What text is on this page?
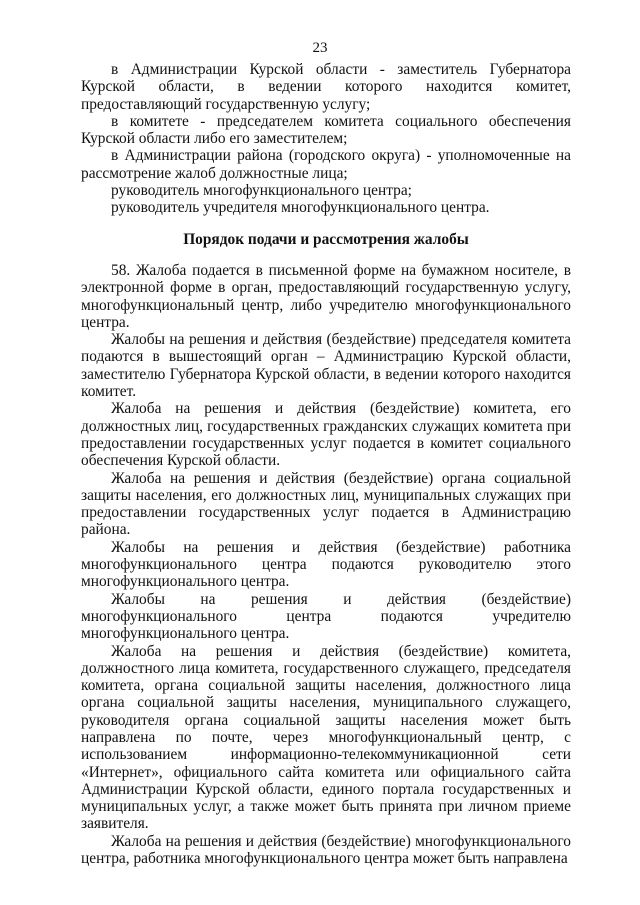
23

в Администрации Курской области - заместитель Губернатора Курской области, в ведении которого находится комитет, предоставляющий государственную услугу;

в комитете - председателем комитета социального обеспечения Курской области либо его заместителем;

в Администрации района (городского округа) - уполномоченные на рассмотрение жалоб должностные лица;

руководитель многофункционального центра;

руководитель учредителя многофункционального центра.

Порядок подачи и рассмотрения жалобы

58. Жалоба подается в письменной форме на бумажном носителе, в электронной форме в орган, предоставляющий государственную услугу, многофункциональный центр, либо учредителю многофункционального центра.

Жалобы на решения и действия (бездействие) председателя комитета подаются в вышестоящий орган – Администрацию Курской области, заместителю Губернатора Курской области, в ведении которого находится комитет.

Жалоба на решения и действия (бездействие) комитета, его должностных лиц, государственных гражданских служащих комитета при предоставлении государственных услуг подается в комитет социального обеспечения Курской области.

Жалоба на решения и действия (бездействие) органа социальной защиты населения, его должностных лиц, муниципальных служащих при предоставлении государственных услуг подается в Администрацию района.

Жалобы на решения и действия (бездействие) работника многофункционального центра подаются руководителю этого многофункционального центра.

Жалобы на решения и действия (бездействие) многофункционального центра подаются учредителю многофункционального центра.

Жалоба на решения и действия (бездействие) комитета, должностного лица комитета, государственного служащего, председателя комитета, органа социальной защиты населения, должностного лица органа социальной защиты населения, муниципального служащего, руководителя органа социальной защиты населения может быть направлена по почте, через многофункциональный центр, с использованием информационно-телекоммуникационной сети «Интернет», официального сайта комитета или официального сайта Администрации Курской области, единого портала государственных и муниципальных услуг, а также может быть принята при личном приеме заявителя.

Жалоба на решения и действия (бездействие) многофункционального центра, работника многофункционального центра может быть направлена
